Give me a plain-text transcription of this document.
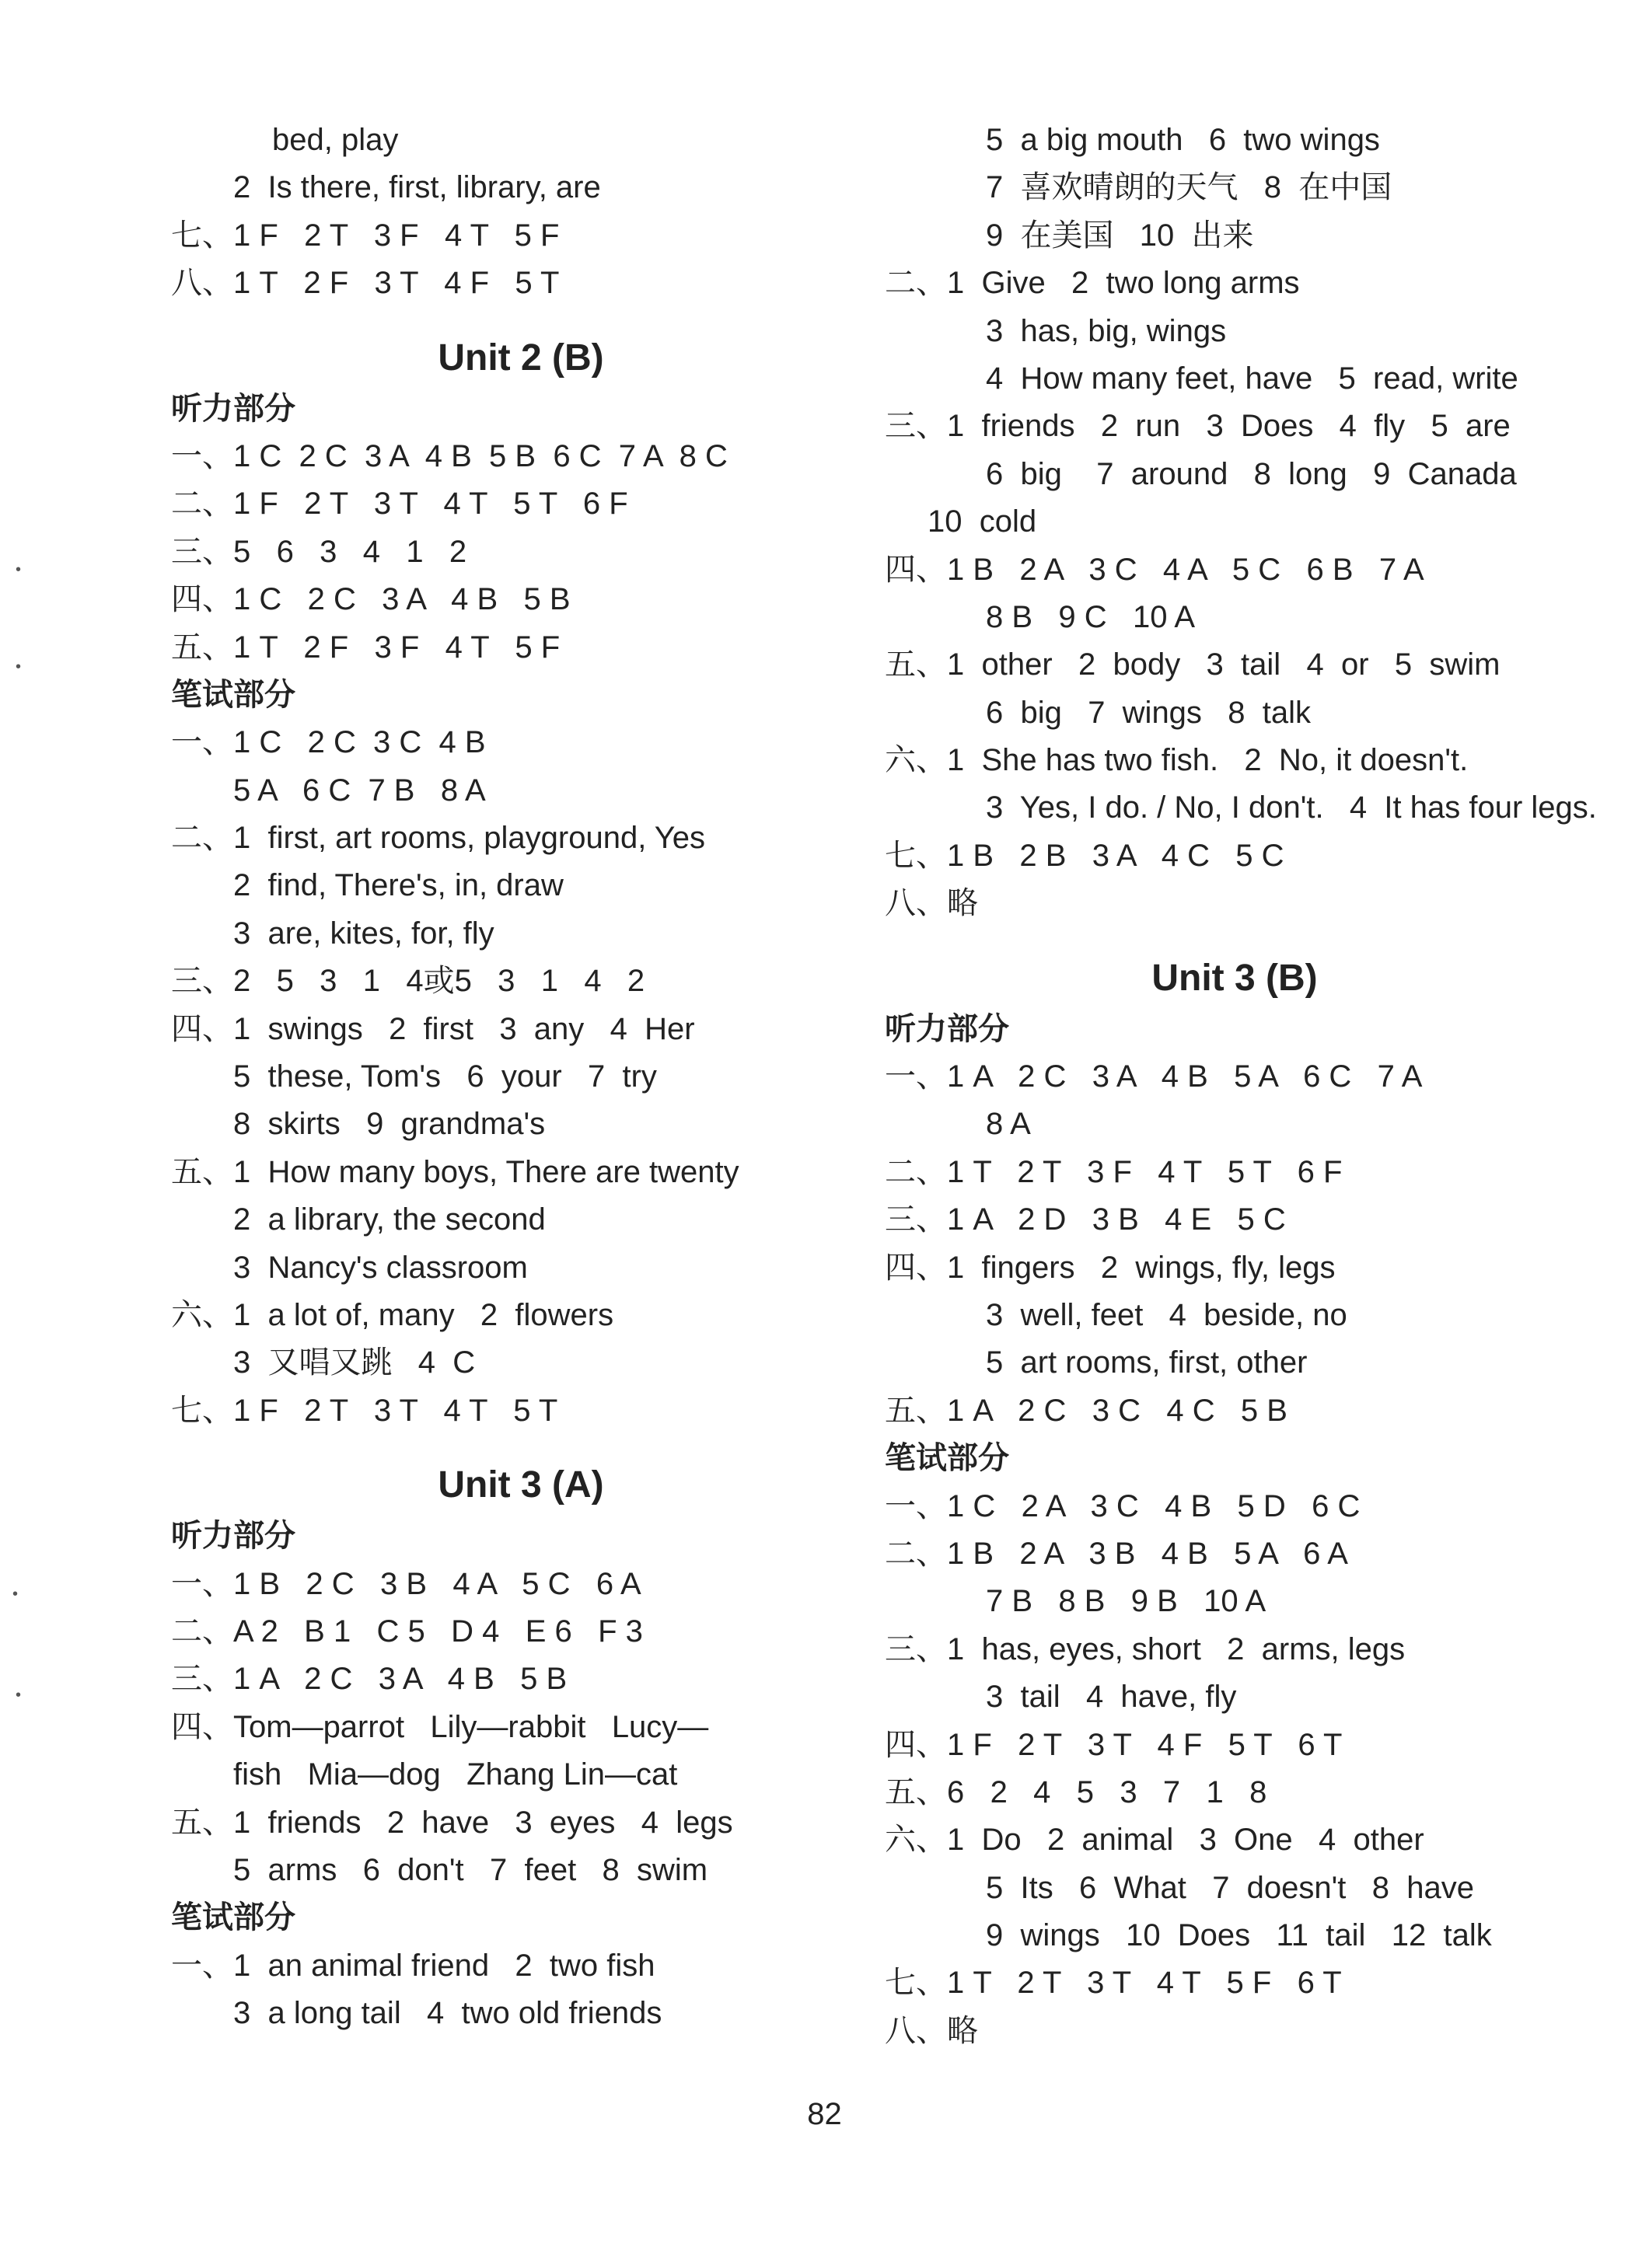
bed, play
2  Is there, first, library, are
七、1 F   2 T   3 F   4 T   5 F
八、1 T   2 F   3 T   4 F   5 T
Unit 2 (B)
听力部分
一、1 C  2 C  3 A  4 B  5 B  6 C  7 A  8 C
二、1 F   2 T   3 T   4 T   5 T   6 F
三、5   6   3   4   1   2
四、1 C   2 C   3 A   4 B   5 B
五、1 T   2 F   3 F   4 T   5 F
笔试部分
一、1 C   2 C  3 C  4 B
5 A   6 C  7 B   8 A
二、1  first, art rooms, playground, Yes
2  find, There's, in, draw
3  are, kites, for, fly
三、2   5   3   1   4或5   3   1   4   2
四、1  swings   2  first   3  any   4  Her
5  these, Tom's   6  your   7  try
8  skirts   9  grandma's
五、1  How many boys, There are twenty
2  a library, the second
3  Nancy's classroom
六、1  a lot of, many   2  flowers
3  又唱又跳   4  C
七、1 F   2 T   3 T   4 T   5 T
Unit 3 (A)
听力部分
一、1 B   2 C   3 B   4 A   5 C   6 A
二、A 2   B 1   C 5   D 4   E 6   F 3
三、1 A   2 C   3 A   4 B   5 B
四、Tom—parrot   Lily—rabbit   Lucy—
fish   Mia—dog   Zhang Lin—cat
五、1  friends   2  have   3  eyes   4  legs
5  arms   6  don't   7  feet   8  swim
笔试部分
一、1  an animal friend   2  two fish
3  a long tail   4  two old friends
5  a big mouth   6  two wings
7  喜欢晴朗的天气   8  在中国
9  在美国   10  出来
二、1  Give   2  two long arms
3  has, big, wings
4  How many feet, have   5  read, write
三、1  friends   2  run   3  Does   4  fly   5  are
6  big    7  around   8  long   9  Canada
10  cold
四、1 B   2 A   3 C   4 A   5 C   6 B   7 A
8 B   9 C   10 A
五、1  other   2  body   3  tail   4  or   5  swim
6  big   7  wings   8  talk
六、1  She has two fish.   2  No, it doesn't.
3  Yes, I do. / No, I don't.   4  It has four legs.
七、1 B   2 B   3 A   4 C   5 C
八、略
Unit 3 (B)
听力部分
一、1 A   2 C   3 A   4 B   5 A   6 C   7 A
8 A
二、1 T   2 T   3 F   4 T   5 T   6 F
三、1 A   2 D   3 B   4 E   5 C
四、1  fingers   2  wings, fly, legs
3  well, feet   4  beside, no
5  art rooms, first, other
五、1 A   2 C   3 C   4 C   5 B
笔试部分
一、1 C   2 A   3 C   4 B   5 D   6 C
二、1 B   2 A   3 B   4 B   5 A   6 A
7 B   8 B   9 B   10 A
三、1  has, eyes, short   2  arms, legs
3  tail   4  have, fly
四、1 F   2 T   3 T   4 F   5 T   6 T
五、6   2   4   5   3   7   1   8
六、1  Do   2  animal   3  One   4  other
5  Its   6  What   7  doesn't   8  have
9  wings   10  Does   11  tail   12  talk
七、1 T   2 T   3 T   4 T   5 F   6 T
八、略
82
•
•
•
•
